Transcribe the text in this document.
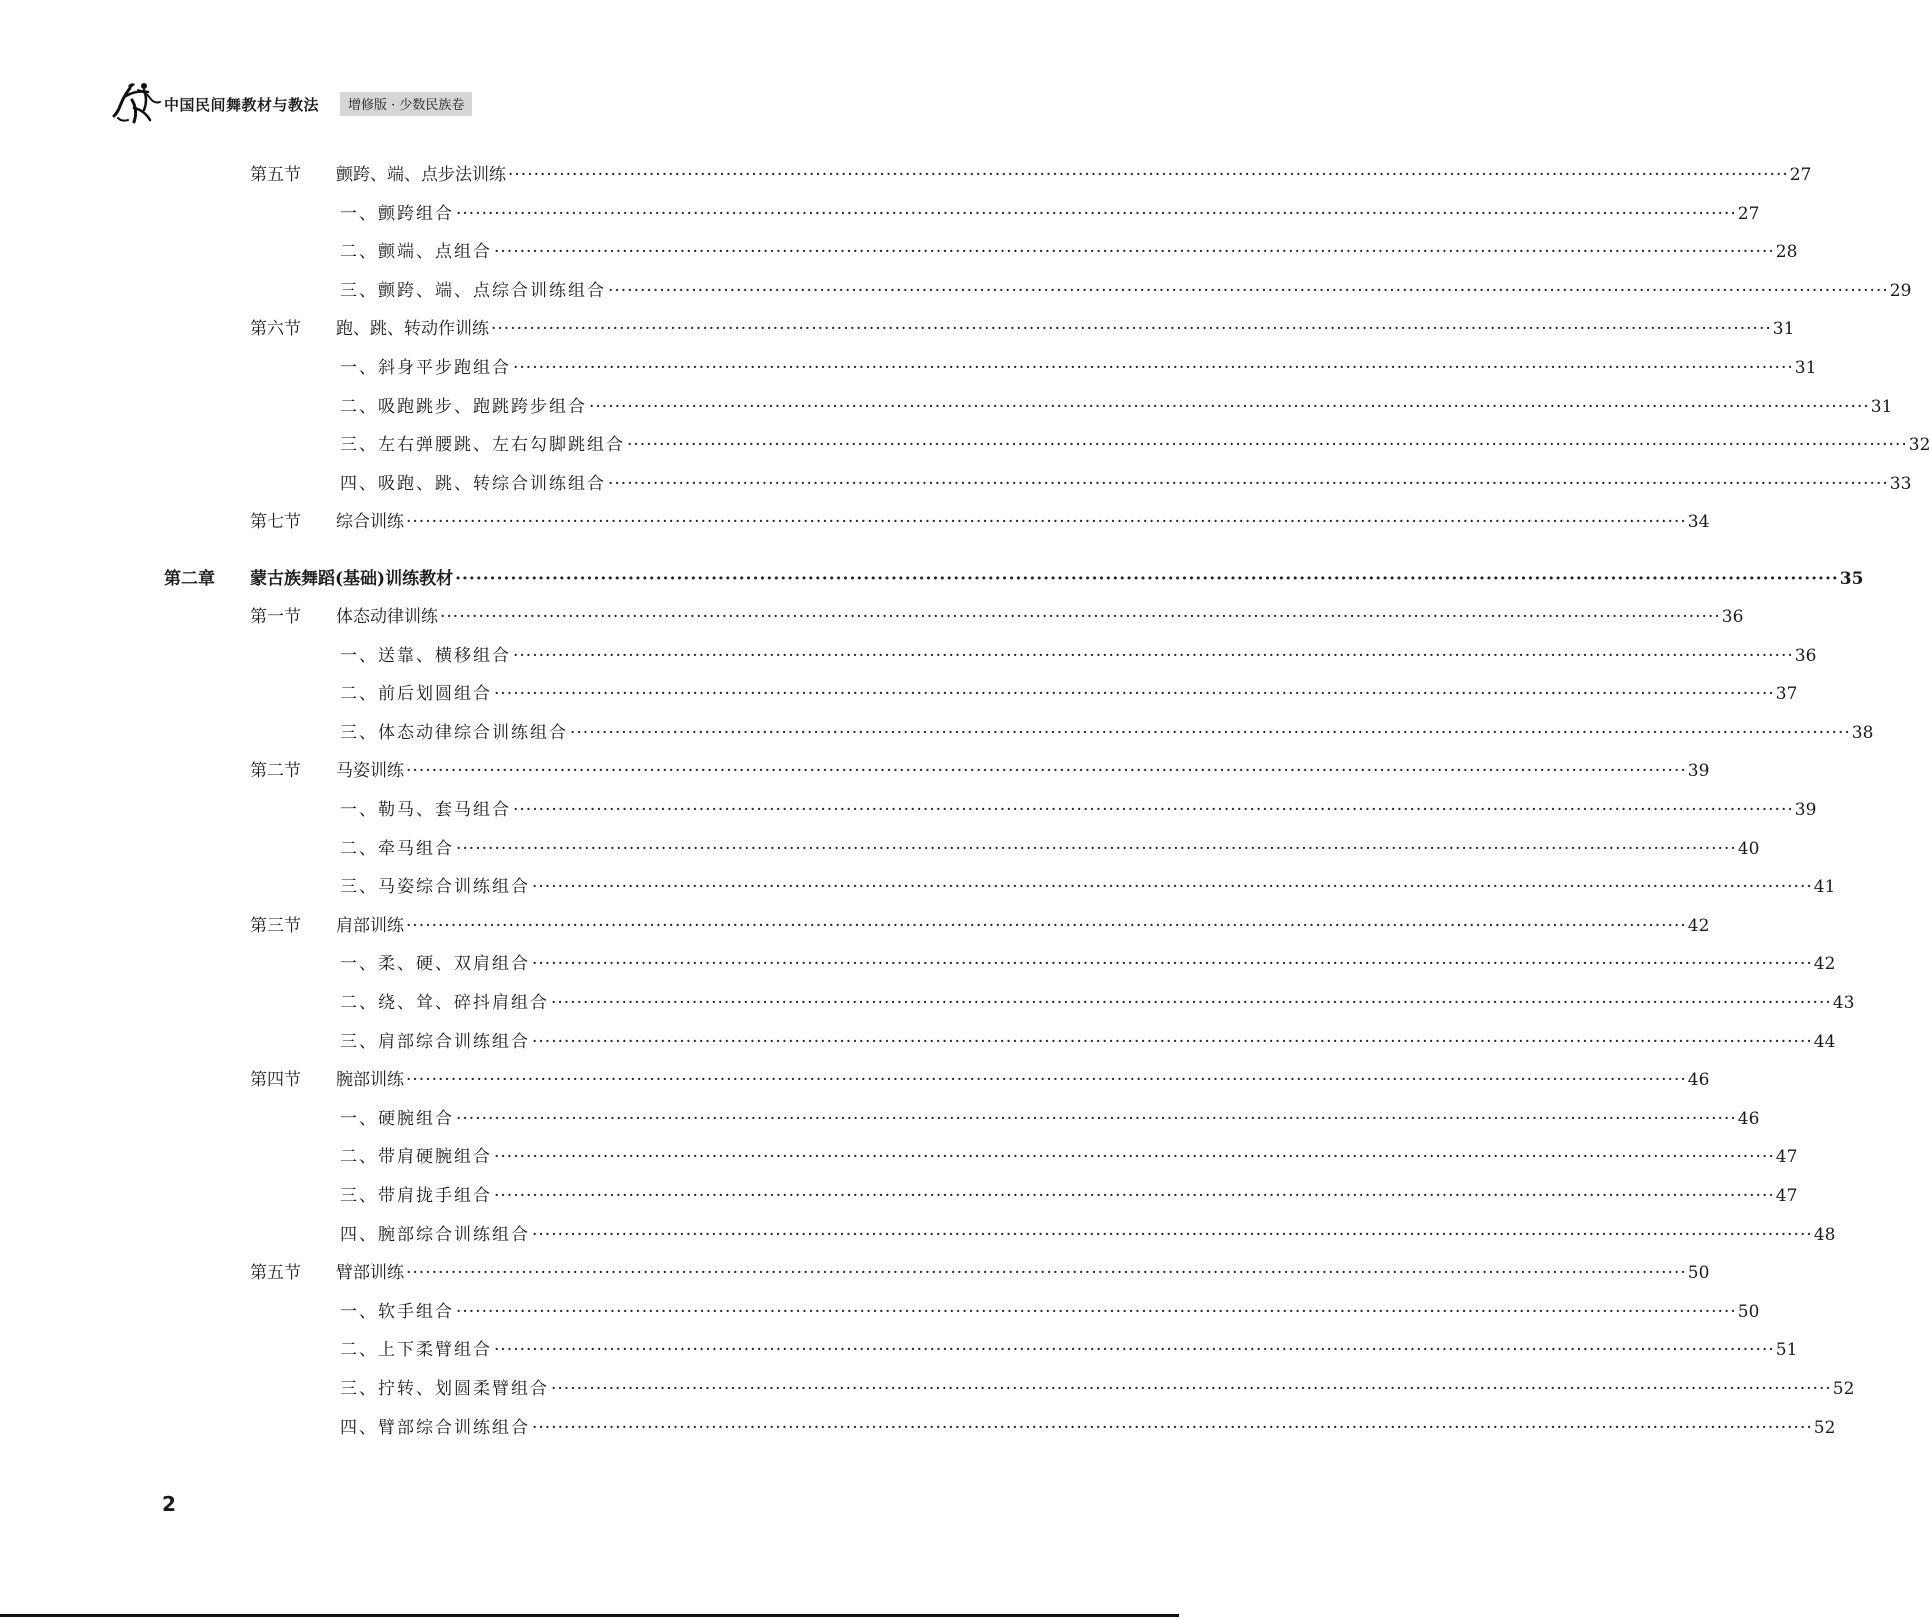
中国民间舞教材与教法	增修版 · 少数民族卷
第五节	颤跨、端、点步法训练 ········································································································································································································ 27
一、颤跨组合 ········································································································································································································ 27
二、颤端、点组合 ········································································································································································································ 28
三、颤跨、端、点综合训练组合 ········································································································································································································ 29
第六节	跑、跳、转动作训练 ········································································································································································································ 31
一、斜身平步跑组合 ········································································································································································································ 31
二、吸跑跳步、跑跳跨步组合 ········································································································································································································ 31
三、左右弹腰跳、左右勾脚跳组合 ········································································································································································································ 32
四、吸跑、跳、转综合训练组合 ········································································································································································································ 33
第七节	综合训练 ········································································································································································································ 34
第二章	蒙古族舞蹈(基础)训练教材 ········································································································································································································ 35
第一节	体态动律训练 ········································································································································································································ 36
一、送靠、横移组合 ········································································································································································································ 36
二、前后划圆组合 ········································································································································································································ 37
三、体态动律综合训练组合 ········································································································································································································ 38
第二节	马姿训练 ········································································································································································································ 39
一、勒马、套马组合 ········································································································································································································ 39
二、牵马组合 ········································································································································································································ 40
三、马姿综合训练组合 ········································································································································································································ 41
第三节	肩部训练 ········································································································································································································ 42
一、柔、硬、双肩组合 ········································································································································································································ 42
二、绕、耸、碎抖肩组合 ········································································································································································································ 43
三、肩部综合训练组合 ········································································································································································································ 44
第四节	腕部训练 ········································································································································································································ 46
一、硬腕组合 ········································································································································································································ 46
二、带肩硬腕组合 ········································································································································································································ 47
三、带肩拢手组合 ········································································································································································································ 47
四、腕部综合训练组合 ········································································································································································································ 48
第五节	臂部训练 ········································································································································································································ 50
一、软手组合 ········································································································································································································ 50
二、上下柔臂组合 ········································································································································································································ 51
三、拧转、划圆柔臂组合 ········································································································································································································ 52
四、臂部综合训练组合 ········································································································································································································ 52
2
